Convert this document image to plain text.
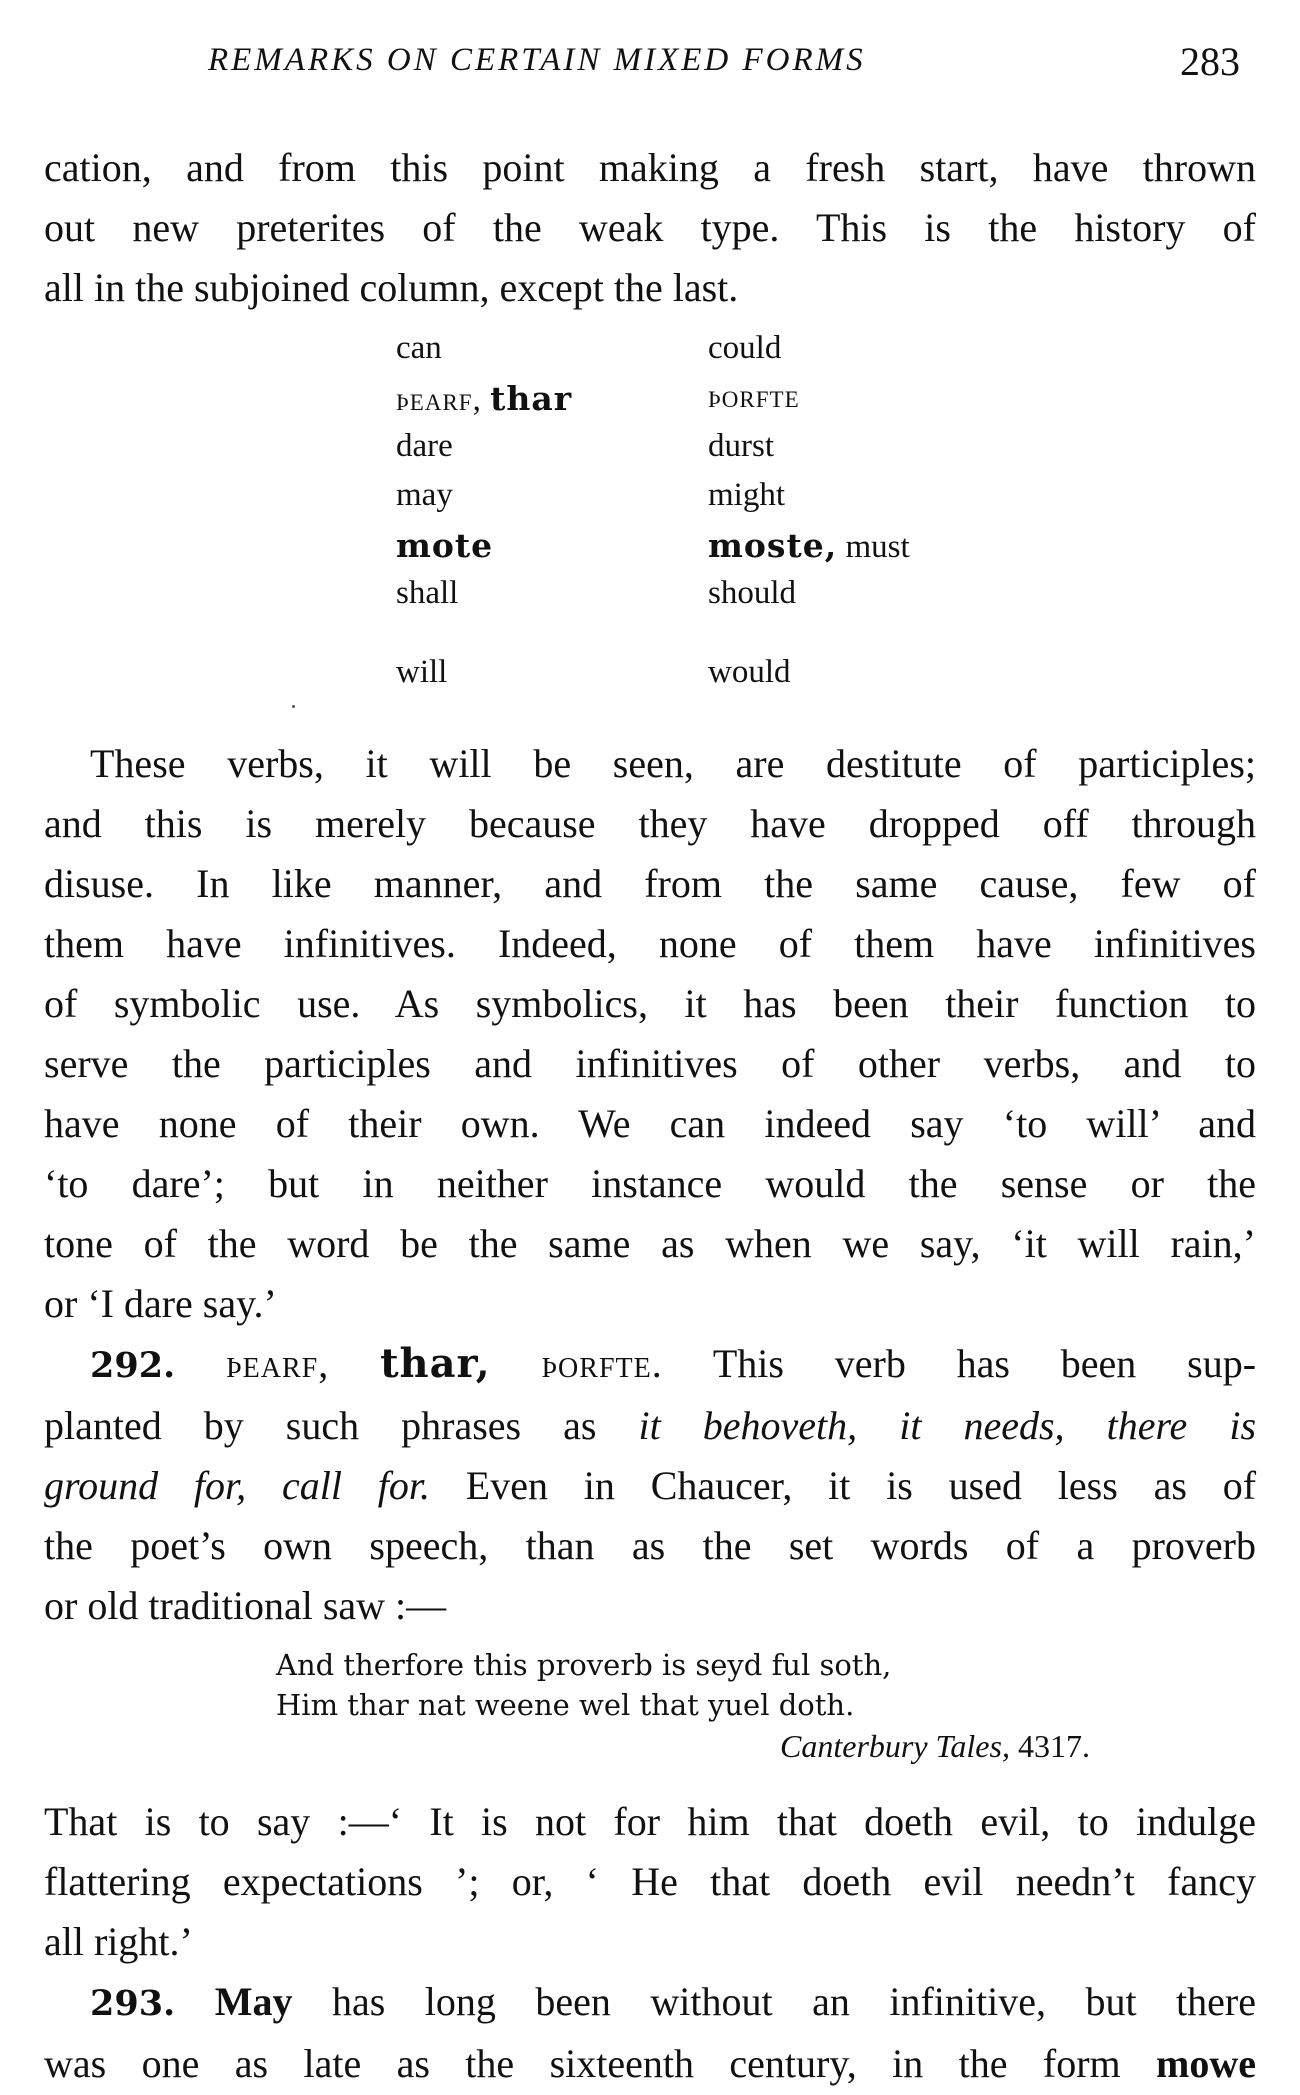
REMARKS ON CERTAIN MIXED FORMS	283
cation, and from this point making a fresh start, have thrown
out new preterites of the weak type. This is the history of
all in the subjoined column, except the last.
can	could
þearf, thar	þorfte
dare	durst
may	might
mote	moste, must
shall	should
will	would
These verbs, it will be seen, are destitute of participles;
and this is merely because they have dropped off through
disuse. In like manner, and from the same cause, few of
them have infinitives. Indeed, none of them have infinitives
of symbolic use. As symbolics, it has been their function to
serve the participles and infinitives of other verbs, and to
have none of their own. We can indeed say ‘to will’ and
‘to dare’; but in neither instance would the sense or the
tone of the word be the same as when we say, ‘it will rain,’
or ‘I dare say.’
292. þearf, thar, þorfte. This verb has been sup-
planted by such phrases as it behoveth, it needs, there is
ground for, call for. Even in Chaucer, it is used less as of
the poet’s own speech, than as the set words of a proverb
or old traditional saw :—
And therfore this proverb is seyd ful soth,
Him thar nat weene wel that yuel doth.
Canterbury Tales, 4317.
That is to say :—‘ It is not for him that doeth evil, to indulge
flattering expectations ’; or, ‘ He that doeth evil needn’t fancy
all right.’
293. May has long been without an infinitive, but there
was one as late as the sixteenth century, in the form mowe
